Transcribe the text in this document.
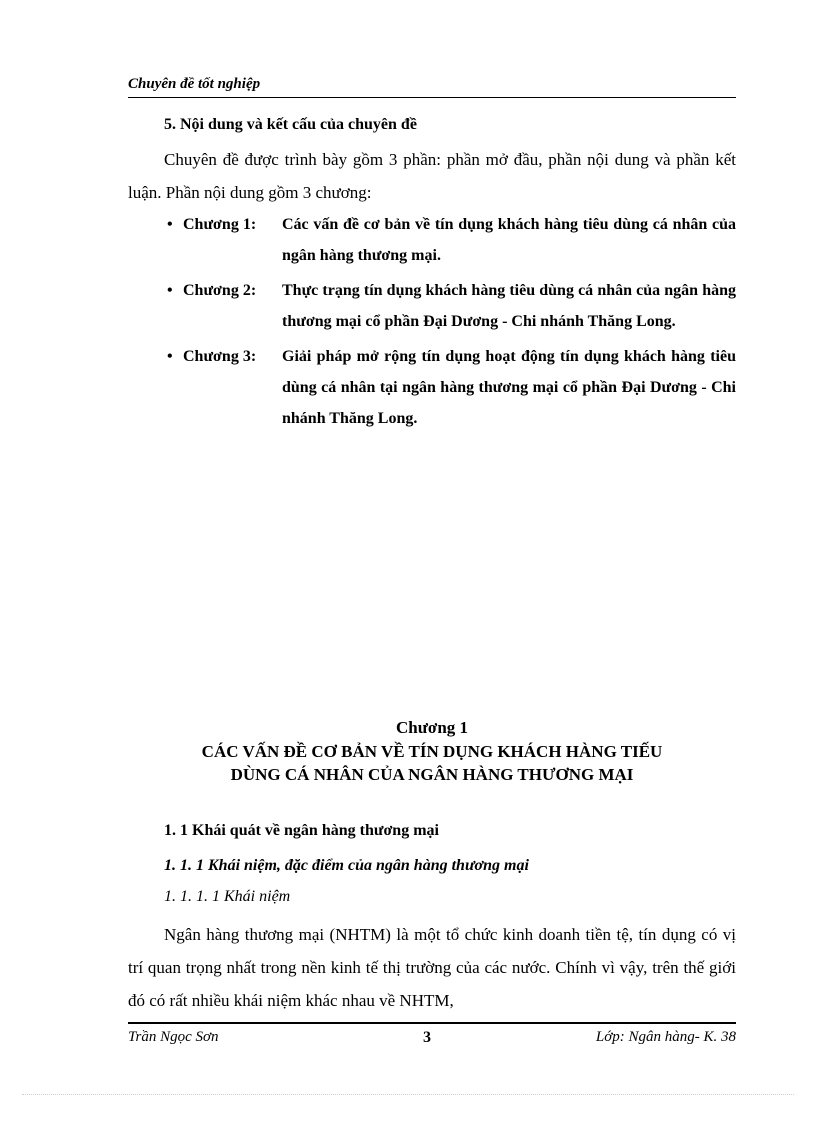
Chuyên đề tốt nghiệp
5. Nội dung và kết cấu của chuyên đề
Chuyên đề được trình bày gồm 3 phần: phần mở đầu, phần nội dung và phần kết luận. Phần nội dung gồm 3 chương:
• Chương 1: Các vấn đề cơ bản về tín dụng khách hàng tiêu dùng cá nhân của ngân hàng thương mại.
• Chương 2: Thực trạng tín dụng khách hàng tiêu dùng cá nhân của ngân hàng thương mại cổ phần Đại Dương - Chi nhánh Thăng Long.
• Chương 3: Giải pháp mở rộng tín dụng hoạt động tín dụng khách hàng tiêu dùng cá nhân tại ngân hàng thương mại cổ phần Đại Dương - Chi nhánh Thăng Long.
Chương 1
CÁC VẤN ĐỀ CƠ BẢN VỀ TÍN DỤNG KHÁCH HÀNG TIẾU
DÙNG CÁ NHÂN CỦA NGÂN HÀNG THƯƠNG MẠI
1. 1 Khái quát về ngân hàng thương mại
1. 1. 1 Khái niệm, đặc điểm của ngân hàng thương mại
1. 1. 1. 1 Khái niệm
Ngân hàng thương mại (NHTM) là một tổ chức kinh doanh tiền tệ, tín dụng có vị trí quan trọng nhất trong nền kinh tế thị trường của các nước. Chính vì vậy, trên thế giới đó có rất nhiều khái niệm khác nhau về NHTM,
Trần Ngọc Sơn	3	Lớp: Ngân hàng- K. 38
